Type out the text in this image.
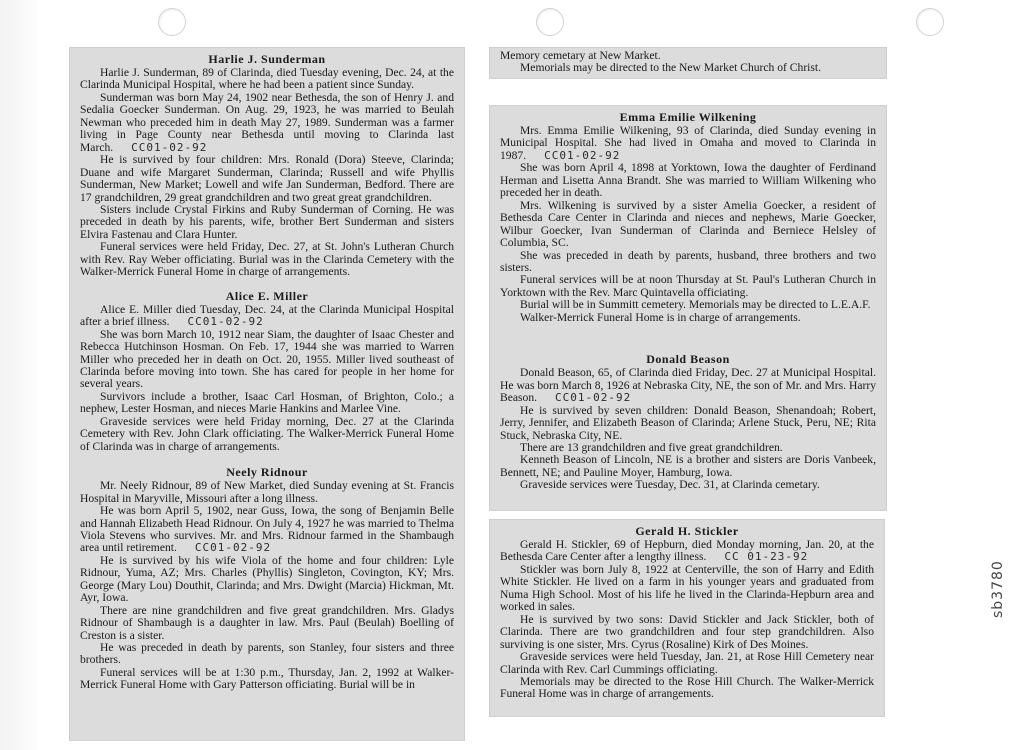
Harlie J. Sunderman

Harlie J. Sunderman, 89 of Clarinda, died Tuesday evening, Dec. 24, at the Clarinda Municipal Hospital, where he had been a patient since Sunday.

Sunderman was born May 24, 1902 near Bethesda, the son of Henry J. and Sedalia Goecker Sunderman. On Aug. 29, 1923, he was married to Beulah Newman who preceded him in death May 27, 1989. Sunderman was a farmer living in Page County near Bethesda until moving to Clarinda last March. CC01-02-92

He is survived by four children: Mrs. Ronald (Dora) Steeve, Clarinda; Duane and wife Margaret Sunderman, Clarinda; Russell and wife Phyllis Sunderman, New Market; Lowell and wife Jan Sunderman, Bedford. There are 17 grandchildren, 29 great grandchildren and two great great grandchildren.

Sisters include Crystal Firkins and Ruby Sunderman of Corning. He was preceded in death by his parents, wife, brother Bert Sunderman and sisters Elvira Fastenau and Clara Hunter.

Funeral services were held Friday, Dec. 27, at St. John's Lutheran Church with Rev. Ray Weber officiating. Burial was in the Clarinda Cemetery with the Walker-Merrick Funeral Home in charge of arrangements.

Alice E. Miller

Alice E. Miller died Tuesday, Dec. 24, at the Clarinda Municipal Hospital after a brief illness. CC01-02-92

She was born March 10, 1912 near Siam, the daughter of Isaac Chester and Rebecca Hutchinson Hosman. On Feb. 17, 1944 she was married to Warren Miller who preceded her in death on Oct. 20, 1955. Miller lived southeast of Clarinda before moving into town. She has cared for people in her home for several years.

Survivors include a brother, Isaac Carl Hosman, of Brighton, Colo.; a nephew, Lester Hosman, and nieces Marie Hankins and Marlee Vine.

Graveside services were held Friday morning, Dec. 27 at the Clarinda Cemetery with Rev. John Clark officiating. The Walker-Merrick Funeral Home of Clarinda was in charge of arrangements.

Neely Ridnour

Mr. Neely Ridnour, 89 of New Market, died Sunday evening at St. Francis Hospital in Maryville, Missouri after a long illness.

He was born April 5, 1902, near Guss, Iowa, the song of Benjamin Belle and Hannah Elizabeth Head Ridnour. On July 4, 1927 he was married to Thelma Viola Stevens who survives. Mr. and Mrs. Ridnour farmed in the Shambaugh area until retirement. CC01-02-92

He is survived by his wife Viola of the home and four children: Lyle Ridnour, Yuma, AZ; Mrs. Charles (Phyllis) Singleton, Covington, KY; Mrs. George (Mary Lou) Douthit, Clarinda; and Mrs. Dwight (Marcia) Hickman, Mt. Ayr, Iowa.

There are nine grandchildren and five great grandchildren. Mrs. Gladys Ridnour of Shambaugh is a daughter in law. Mrs. Paul (Beulah) Boelling of Creston is a sister.

He was preceded in death by parents, son Stanley, four sisters and three brothers.

Funeral services will be at 1:30 p.m., Thursday, Jan. 2, 1992 at Walker-Merrick Funeral Home with Gary Patterson officiating. Burial will be in

Memory cemetary at New Market.

Memorials may be directed to the New Market Church of Christ.

Emma Emilie Wilkening

Mrs. Emma Emilie Wilkening, 93 of Clarinda, died Sunday evening in Municipal Hospital. She had lived in Omaha and moved to Clarinda in 1987. CC01-02-92

She was born April 4, 1898 at Yorktown, Iowa the daughter of Ferdinand Herman and Lisetta Anna Brandt. She was married to William Wilkening who preceded her in death.

Mrs. Wilkening is survived by a sister Amelia Goecker, a resident of Bethesda Care Center in Clarinda and nieces and nephews, Marie Goecker, Wilbur Goecker, Ivan Sunderman of Clarinda and Berniece Helsley of Columbia, SC.

She was preceded in death by parents, husband, three brothers and two sisters.

Funeral services will be at noon Thursday at St. Paul's Lutheran Church in Yorktown with the Rev. Marc Quintavella officiating.

Burial will be in Summitt cemetery. Memorials may be directed to L.E.A.F.

Walker-Merrick Funeral Home is in charge of arrangements.

Donald Beason

Donald Beason, 65, of Clarinda died Friday, Dec. 27 at Municipal Hospital. He was born March 8, 1926 at Nebraska City, NE, the son of Mr. and Mrs. Harry Beason. CC01-02-92

He is survived by seven children: Donald Beason, Shenandoah; Robert, Jerry, Jennifer, and Elizabeth Beason of Clarinda; Arlene Stuck, Peru, NE; Rita Stuck, Nebraska City, NE.

There are 13 grandchildren and five great grandchildren.

Kenneth Beason of Lincoln, NE is a brother and sisters are Doris Vanbeek, Bennett, NE; and Pauline Moyer, Hamburg, Iowa.

Graveside services were Tuesday, Dec. 31, at Clarinda cemetary.

Gerald H. Stickler

Gerald H. Stickler, 69 of Hepburn, died Monday morning, Jan. 20, at the Bethesda Care Center after a lengthy illness. CC 01-23-92

Stickler was born July 8, 1922 at Centerville, the son of Harry and Edith White Stickler. He lived on a farm in his younger years and graduated from Numa High School. Most of his life he lived in the Clarinda-Hepburn area and worked in sales.

He is survived by two sons: David Stickler and Jack Stickler, both of Clarinda. There are two grandchildren and four step grandchildren. Also surviving is one sister, Mrs. Cyrus (Rosaline) Kirk of Des Moines.

Graveside services were held Tuesday, Jan. 21, at Rose Hill Cemetery near Clarinda with Rev. Carl Cummings officiating.

Memorials may be directed to the Rose Hill Church. The Walker-Merrick Funeral Home was in charge of arrangements.

sb3780
